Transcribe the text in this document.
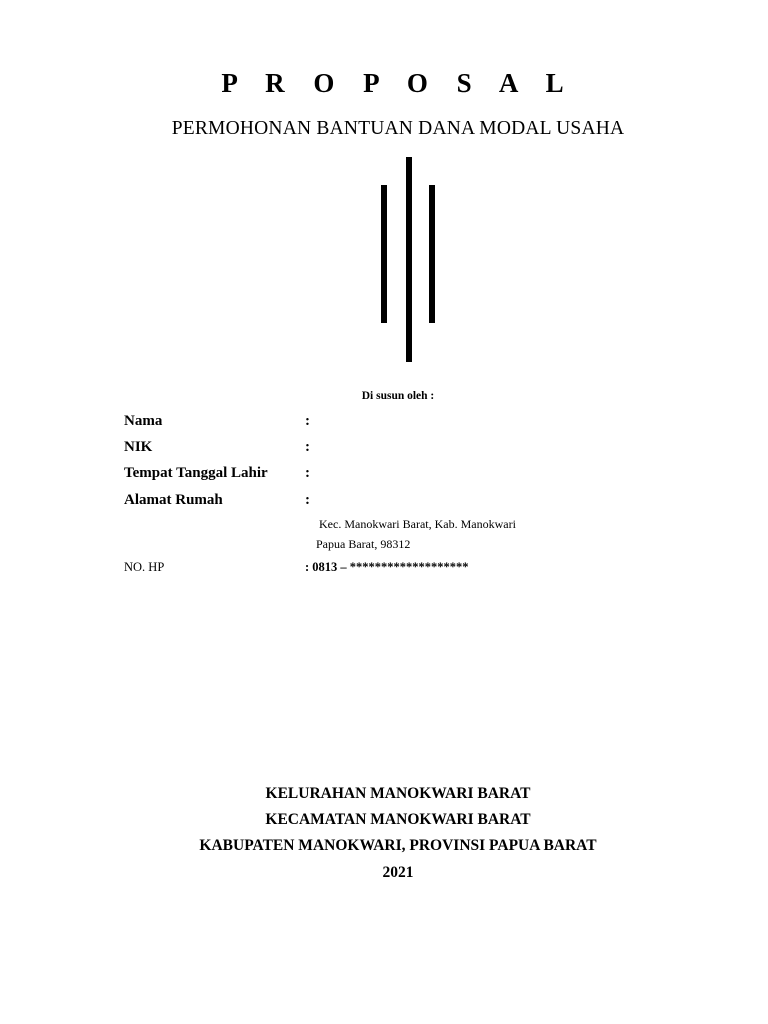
P R O P O S A L
PERMOHONAN BANTUAN DANA MODAL USAHA
Di susun oleh :
Nama	:
NIK	:
Tempat Tanggal Lahir :
Alamat Rumah	:
Kec. Manokwari Barat, Kab. Manokwari
Papua Barat, 98312
NO. HP	: 0813 – *******************
KELURAHAN MANOKWARI BARAT
KECAMATAN MANOKWARI BARAT
KABUPATEN MANOKWARI, PROVINSI PAPUA BARAT
2021
